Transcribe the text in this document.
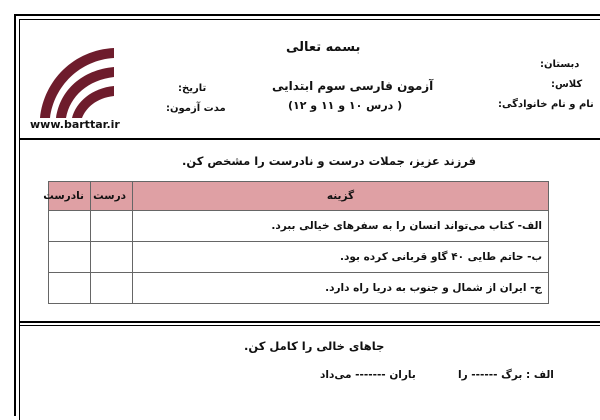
www.barttar.ir
بسمه تعالی
آزمون فارسی سوم ابتدایی
( درس ۱۰ و ۱۱ و ۱۲)
دبستان:
کلاس:
نام و نام خانوادگی:
تاریخ:
مدت آزمون:
فرزند عزیز، جملات درست و نادرست را مشخص کن.
گزینه	درست	نادرست
الف- کتاب می‌تواند انسان را به سفرهای خیالی ببرد.		
ب- حاتم طایی ۴۰ گاو قربانی کرده بود.		
ج- ایران از شمال و جنوب به دریا راه دارد.		
جاهای خالی را کامل کن.
الف : برگ ------ را
باران ------- می‌داد
